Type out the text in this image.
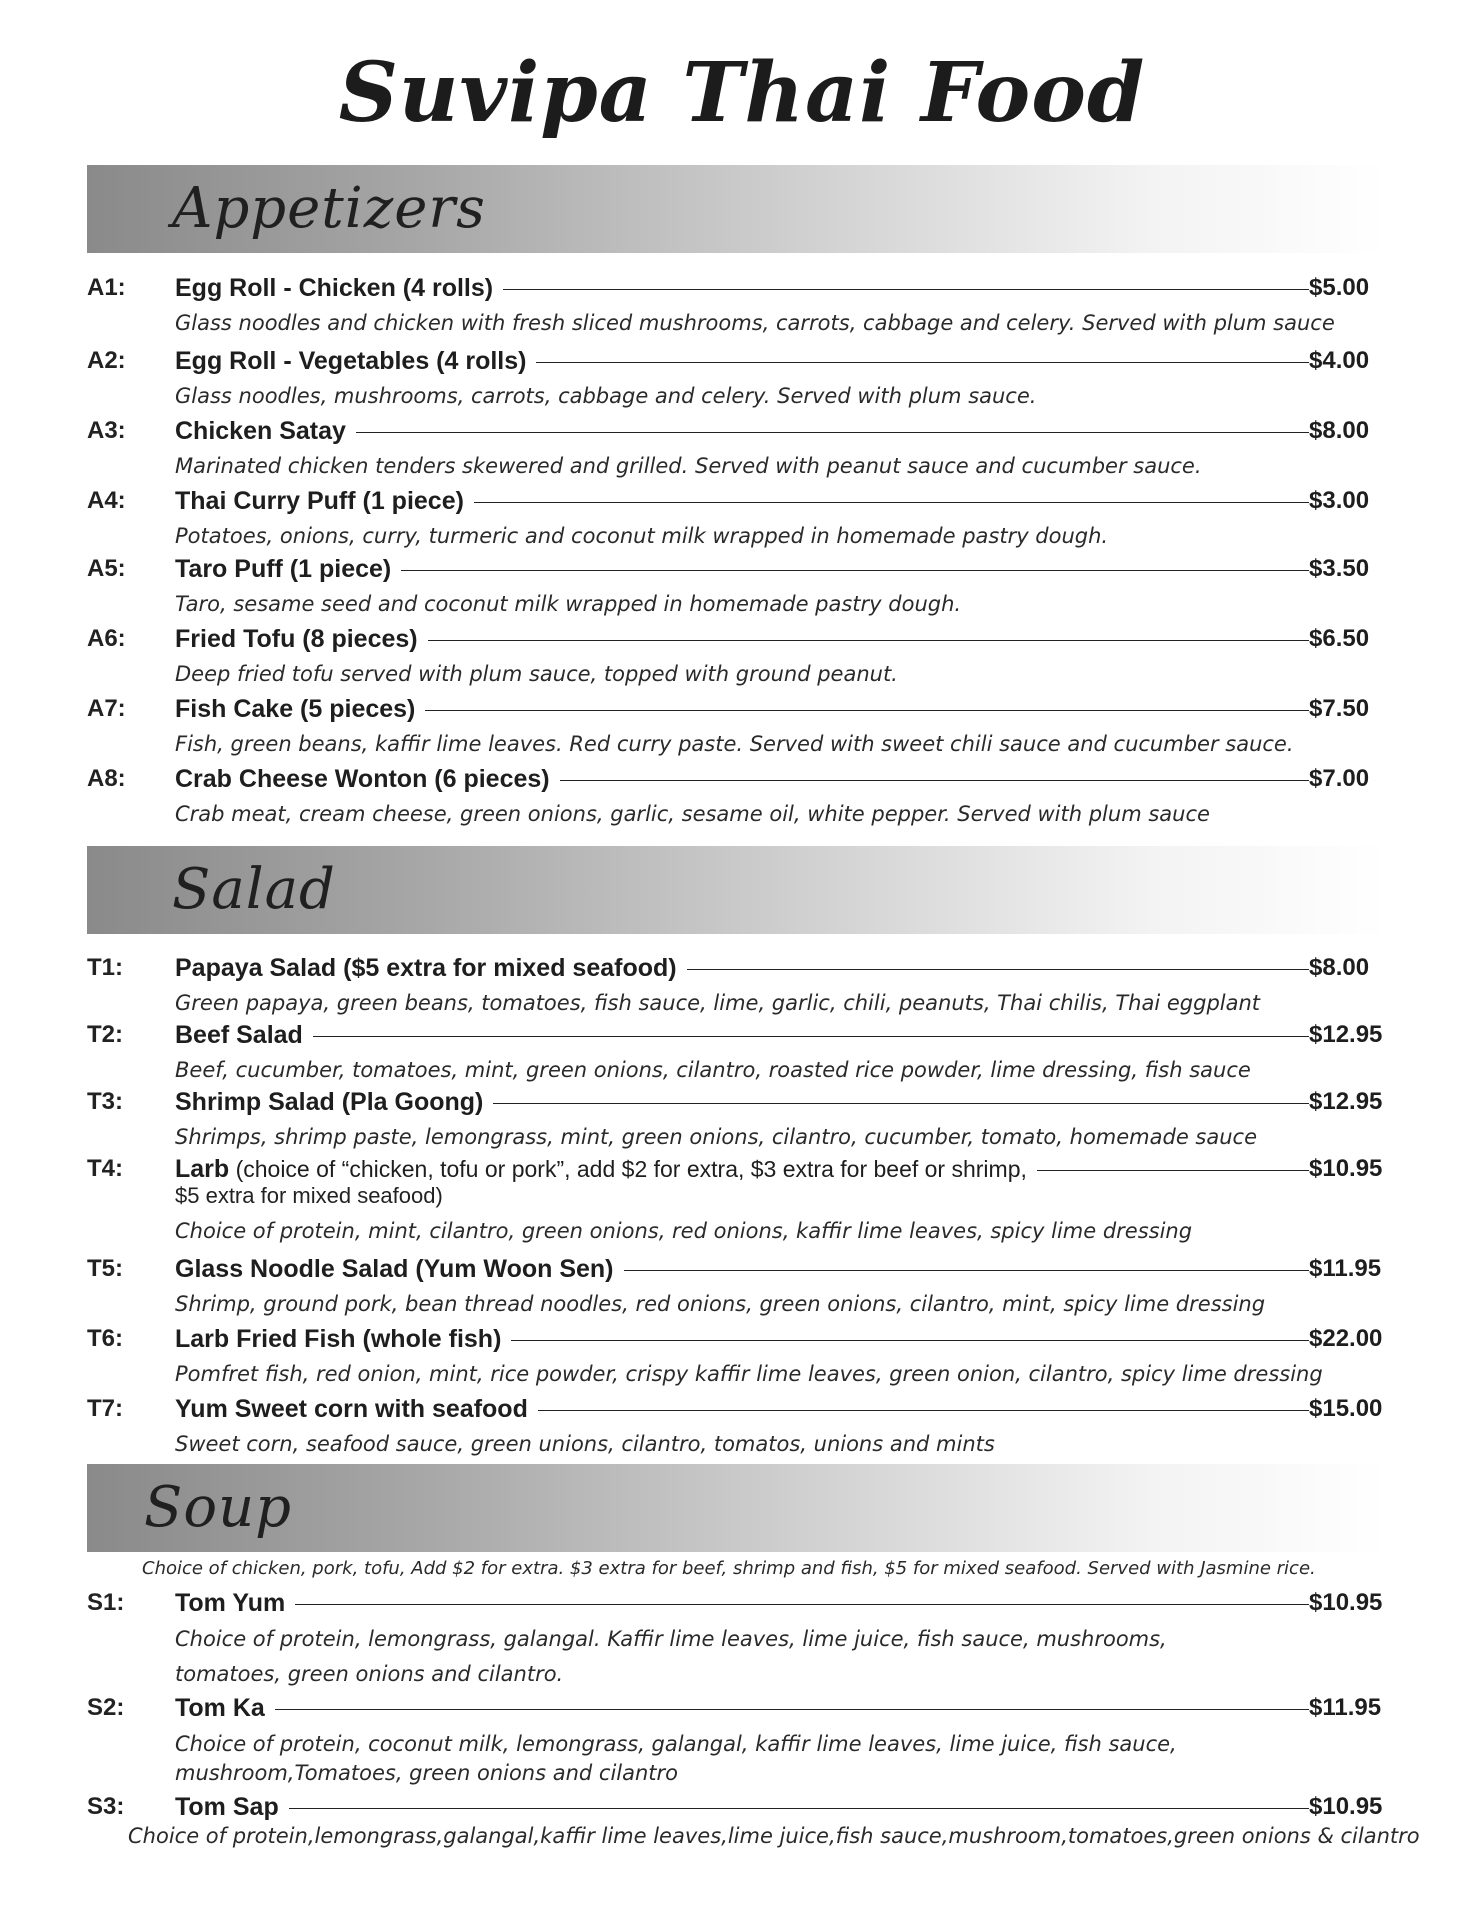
Suvipa Thai Food
Appetizers
A1: Egg Roll - Chicken (4 rolls)	$5.00
Glass noodles and chicken with fresh sliced mushrooms, carrots, cabbage and celery. Served with plum sauce
A2: Egg Roll - Vegetables (4 rolls)	$4.00
Glass noodles, mushrooms, carrots, cabbage and celery. Served with plum sauce.
A3: Chicken Satay	$8.00
Marinated chicken tenders skewered and grilled. Served with peanut sauce and cucumber sauce.
A4: Thai Curry Puff (1 piece)	$3.00
Potatoes, onions, curry, turmeric and coconut milk wrapped in homemade pastry dough.
A5: Taro Puff (1 piece)	$3.50
Taro, sesame seed and coconut milk wrapped in homemade pastry dough.
A6: Fried Tofu (8 pieces)	$6.50
Deep fried tofu served with plum sauce, topped with ground peanut.
A7: Fish Cake (5 pieces)	$7.50
Fish, green beans, kaffir lime leaves. Red curry paste. Served with sweet chili sauce and cucumber sauce.
A8: Crab Cheese Wonton (6 pieces)	$7.00
Crab meat, cream cheese, green onions, garlic, sesame oil, white pepper. Served with plum sauce
Salad
T1: Papaya Salad ($5 extra for mixed seafood)	$8.00
Green papaya, green beans, tomatoes, fish sauce, lime, garlic, chili, peanuts, Thai chilis, Thai eggplant
T2: Beef Salad	$12.95
Beef, cucumber, tomatoes, mint, green onions, cilantro, roasted rice powder, lime dressing, fish sauce
T3: Shrimp Salad (Pla Goong)	$12.95
Shrimps, shrimp paste, lemongrass, mint, green onions, cilantro, cucumber, tomato, homemade sauce
T4: Larb (choice of “chicken, tofu or pork”, add $2 for extra, $3 extra for beef or shrimp,	$10.95
$5 extra for mixed seafood)
Choice of protein, mint, cilantro, green onions, red onions, kaffir lime leaves, spicy lime dressing
T5: Glass Noodle Salad (Yum Woon Sen)	$11.95
Shrimp, ground pork, bean thread noodles, red onions, green onions, cilantro, mint, spicy lime dressing
T6: Larb Fried Fish (whole fish)	$22.00
Pomfret fish, red onion, mint, rice powder, crispy kaffir lime leaves, green onion, cilantro, spicy lime dressing
T7: Yum Sweet corn with seafood	$15.00
Sweet corn, seafood sauce, green unions, cilantro, tomatos, unions and mints
Soup
Choice of chicken, pork, tofu, Add $2 for extra. $3 extra for beef, shrimp and fish, $5 for mixed seafood. Served with Jasmine rice.
S1: Tom Yum	$10.95
Choice of protein, lemongrass, galangal. Kaffir lime leaves, lime juice, fish sauce, mushrooms,
tomatoes, green onions and cilantro.
S2: Tom Ka	$11.95
Choice of protein, coconut milk, lemongrass, galangal, kaffir lime leaves, lime juice, fish sauce,
mushroom,Tomatoes, green onions and cilantro
S3: Tom Sap	$10.95
Choice of protein,lemongrass,galangal,kaffir lime leaves,lime juice,fish sauce,mushroom,tomatoes,green onions & cilantro
